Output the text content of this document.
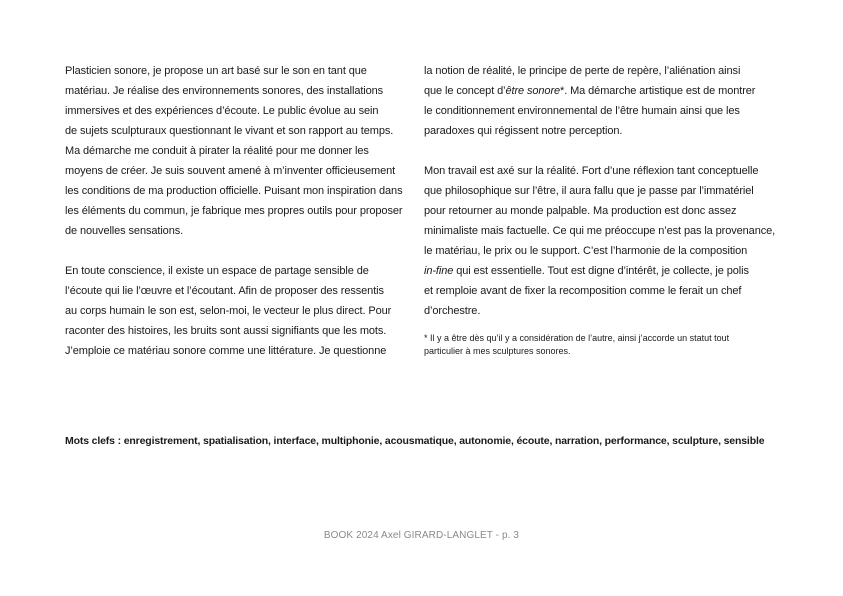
Plasticien sonore, je propose un art basé sur le son en tant que
matériau. Je réalise des environnements sonores, des installations
immersives et des expériences d’écoute. Le public évolue au sein
de sujets sculpturaux questionnant le vivant et son rapport au temps.
Ma démarche me conduit à pirater la réalité pour me donner les
moyens de créer. Je suis souvent amené à m’inventer officieusement
les conditions de ma production officielle. Puisant mon inspiration dans
les éléments du commun, je fabrique mes propres outils pour proposer
de nouvelles sensations.
En toute conscience, il existe un espace de partage sensible de
l’écoute qui lie l’œuvre et l’écoutant. Afin de proposer des ressentis
au corps humain le son est, selon-moi, le vecteur le plus direct. Pour
raconter des histoires, les bruits sont aussi signifiants que les mots.
J’emploie ce matériau sonore comme une littérature. Je questionne
la notion de réalité, le principe de perte de repère, l’aliénation ainsi
que le concept d’être sonore*. Ma démarche artistique est de montrer
le conditionnement environnemental de l’être humain ainsi que les
paradoxes qui régissent notre perception.
Mon travail est axé sur la réalité. Fort d’une réflexion tant conceptuelle
que philosophique sur l’être, il aura fallu que je passe par l’immatériel
pour retourner au monde palpable. Ma production est donc assez
minimaliste mais factuelle. Ce qui me préoccupe n’est pas la provenance,
le matériau, le prix ou le support. C’est l’harmonie de la composition
in-fine qui est essentielle. Tout est digne d’intérêt, je collecte, je polis
et remploie avant de fixer la recomposition comme le ferait un chef
d’orchestre.
* Il y a être dès qu’il y a considération de l’autre, ainsi j’accorde un statut tout
particulier à mes sculptures sonores.
Mots clefs : enregistrement, spatialisation, interface, multiphonie, acousmatique, autonomie, écoute, narration, performance, sculpture, sensible
BOOK 2024 Axel GIRARD-LANGLET - p. 3
